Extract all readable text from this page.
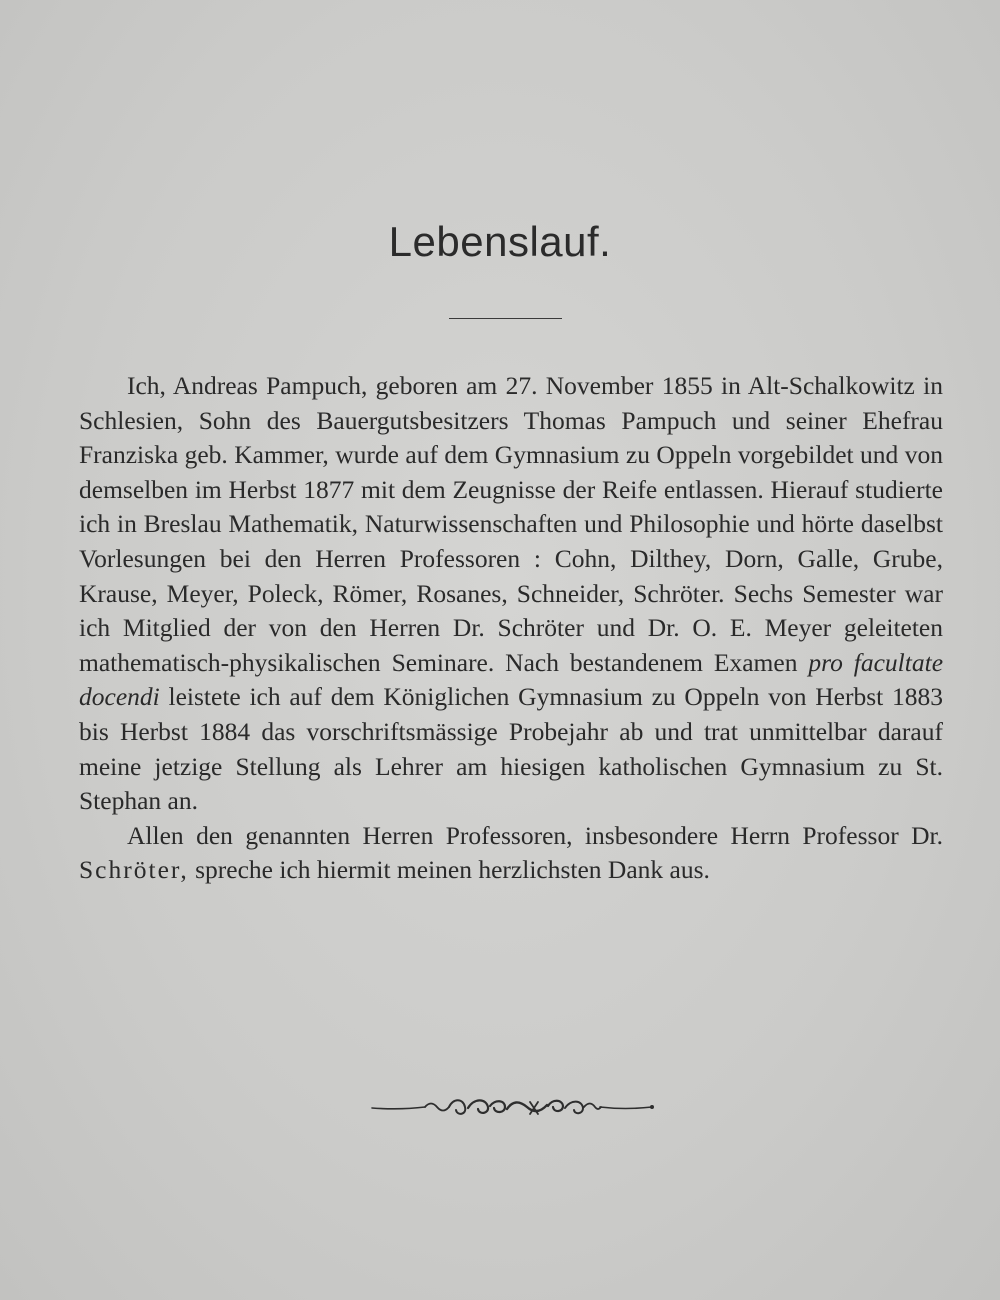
Lebenslauf.

Ich, Andreas Pampuch, geboren am 27. November 1855 in Alt-Schalkowitz in Schlesien, Sohn des Bauergutsbesitzers Thomas Pampuch und seiner Ehefrau Franziska geb. Kammer, wurde auf dem Gymnasium zu Oppeln vorgebildet und von demselben im Herbst 1877 mit dem Zeugnisse der Reife entlassen. Hierauf studierte ich in Breslau Mathematik, Naturwissenschaften und Philosophie und hörte daselbst Vorlesungen bei den Herren Professoren : Cohn, Dilthey, Dorn, Galle, Grube, Krause, Meyer, Poleck, Römer, Rosanes, Schneider, Schröter. Sechs Semester war ich Mitglied der von den Herren Dr. Schröter und Dr. O. E. Meyer geleiteten mathematisch-physikalischen Seminare. Nach bestandenem Examen pro facultate docendi leistete ich auf dem Königlichen Gymnasium zu Oppeln von Herbst 1883 bis Herbst 1884 das vorschriftsmässige Probejahr ab und trat unmittelbar darauf meine jetzige Stellung als Lehrer am hiesigen katholischen Gymnasium zu St. Stephan an.

Allen den genannten Herren Professoren, insbesondere Herrn Professor Dr. Schröter, spreche ich hiermit meinen herzlichsten Dank aus.
